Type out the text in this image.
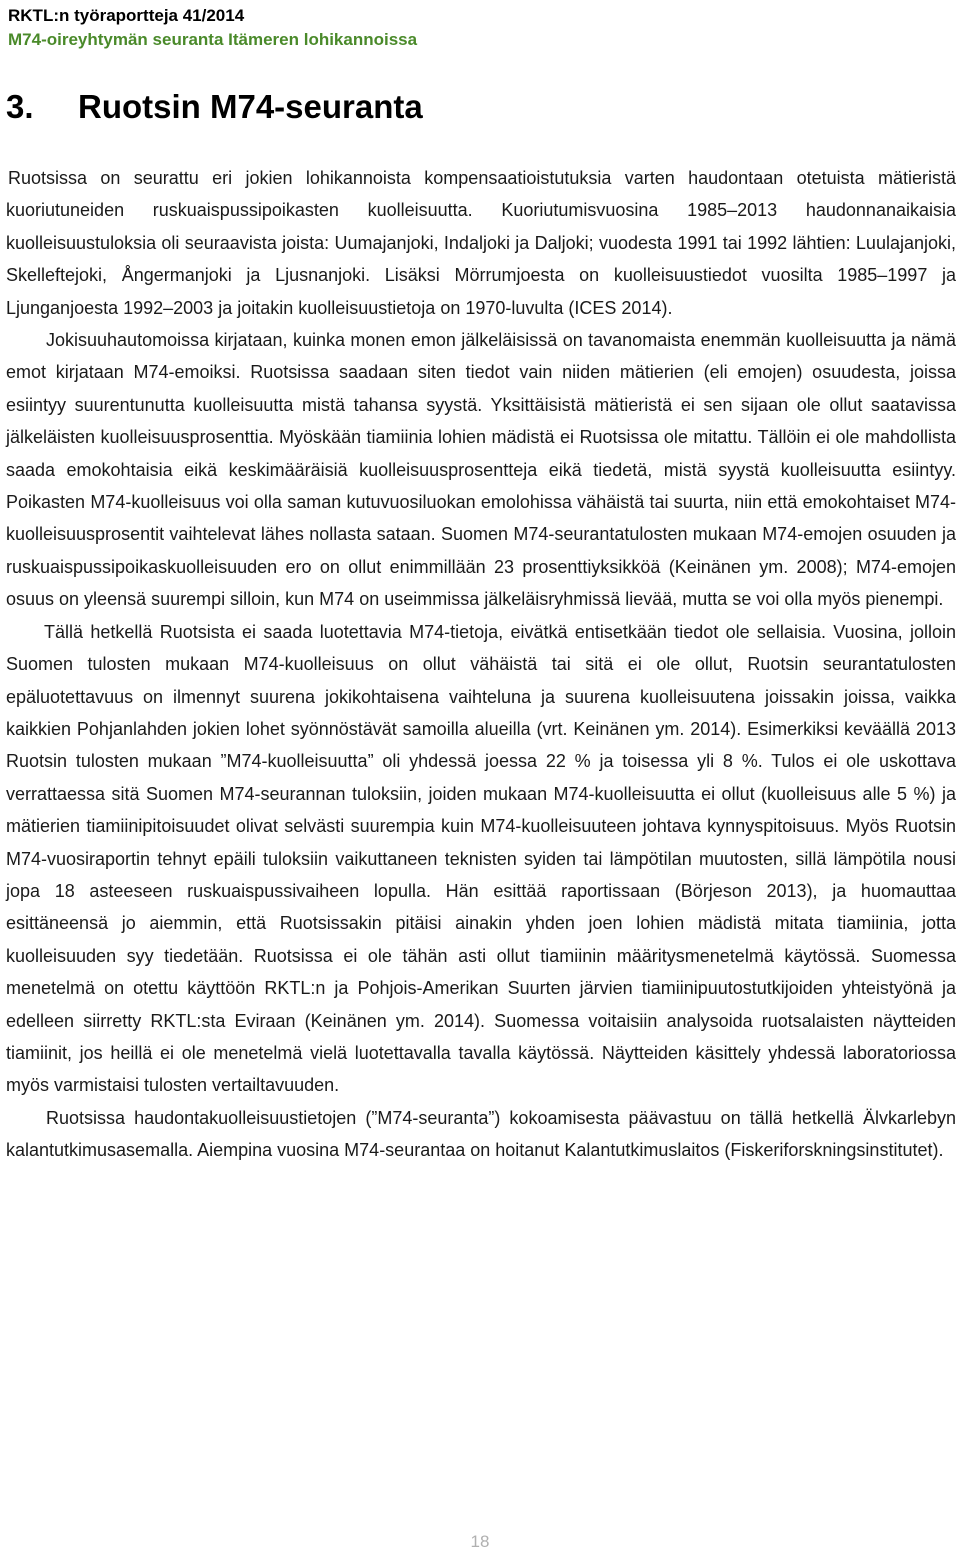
RKTL:n työraportteja 41/2014
M74-oireyhtymän seuranta Itämeren lohikannoissa
3. Ruotsin M74-seuranta

Ruotsissa on seurattu eri jokien lohikannoista kompensaatioistutuksia varten haudontaan otetuista mätieristä kuoriutuneiden ruskuaispussipoikasten kuolleisuutta. Kuoriutumisvuosina 1985–2013 haudonnanaikaisia kuolleisuustuloksia oli seuraavista joista: Uumajanjoki, Indaljoki ja Daljoki; vuodesta 1991 tai 1992 lähtien: Luulajanjoki, Skelleftejoki, Ångermanjoki ja Ljusnanjoki. Lisäksi Mörrumjoesta on kuolleisuustiedot vuosilta 1985–1997 ja Ljunganjoesta 1992–2003 ja joitakin kuolleisuustietoja on 1970-luvulta (ICES 2014).

Jokisuuhautomoissa kirjataan, kuinka monen emon jälkeläisissä on tavanomaista enemmän kuolleisuutta ja nämä emot kirjataan M74-emoiksi. Ruotsissa saadaan siten tiedot vain niiden mätierien (eli emojen) osuudesta, joissa esiintyy suurentunutta kuolleisuutta mistä tahansa syystä. Yksittäisistä mätieristä ei sen sijaan ole ollut saatavissa jälkeläisten kuolleisuusprosenttia. Myöskään tiamiinia lohien mädistä ei Ruotsissa ole mitattu. Tällöin ei ole mahdollista saada emokohtaisia eikä keskimääräisiä kuolleisuusprosentteja eikä tiedetä, mistä syystä kuolleisuutta esiintyy. Poikasten M74-kuolleisuus voi olla saman kutuvuosiluokan emolohissa vähäistä tai suurta, niin että emokohtaiset M74-kuolleisuusprosentit vaihtelevat lähes nollasta sataan. Suomen M74-seurantatulosten mukaan M74-emojen osuuden ja ruskuaispussipoikaskuolleisuuden ero on ollut enimmillään 23 prosenttiyksikköä (Keinänen ym. 2008); M74-emojen osuus on yleensä suurempi silloin, kun M74 on useimmissa jälkeläisryhmissä lievää, mutta se voi olla myös pienempi.

Tällä hetkellä Ruotsista ei saada luotettavia M74-tietoja, eivätkä entisetkään tiedot ole sellaisia. Vuosina, jolloin Suomen tulosten mukaan M74-kuolleisuus on ollut vähäistä tai sitä ei ole ollut, Ruotsin seurantatulosten epäluotettavuus on ilmennyt suurena jokikohtaisena vaihteluna ja suurena kuolleisuutena joissakin joissa, vaikka kaikkien Pohjanlahden jokien lohet syönnöstävät samoilla alueilla (vrt. Keinänen ym. 2014). Esimerkiksi keväällä 2013 Ruotsin tulosten mukaan ”M74-kuolleisuutta” oli yhdessä joessa 22 % ja toisessa yli 8 %. Tulos ei ole uskottava verrattaessa sitä Suomen M74-seurannan tuloksiin, joiden mukaan M74-kuolleisuutta ei ollut (kuolleisuus alle 5 %) ja mätierien tiamiinipitoisuudet olivat selvästi suurempia kuin M74-kuolleisuuteen johtava kynnyspitoisuus. Myös Ruotsin M74-vuosiraportin tehnyt epäili tuloksiin vaikuttaneen teknisten syiden tai lämpötilan muutosten, sillä lämpötila nousi jopa 18 asteeseen ruskuaispussivaiheen lopulla. Hän esittää raportissaan (Börjeson 2013), ja huomauttaa esittäneensä jo aiemmin, että Ruotsissakin pitäisi ainakin yhden joen lohien mädistä mitata tiamiinia, jotta kuolleisuuden syy tiedetään. Ruotsissa ei ole tähän asti ollut tiamiinin määritysmenetelmä käytössä. Suomessa menetelmä on otettu käyttöön RKTL:n ja Pohjois-Amerikan Suurten järvien tiamiinipuutostutkijoiden yhteistyönä ja edelleen siirretty RKTL:sta Eviraan (Keinänen ym. 2014). Suomessa voitaisiin analysoida ruotsalaisten näytteiden tiamiinit, jos heillä ei ole menetelmä vielä luotettavalla tavalla käytössä. Näytteiden käsittely yhdessä laboratoriossa myös varmistaisi tulosten vertailtavuuden.

Ruotsissa haudontakuolleisuustietojen (”M74-seuranta”) kokoamisesta päävastuu on tällä hetkellä Älvkarlebyn kalantutkimusasemalla. Aiempina vuosina M74-seurantaa on hoitanut Kalantutkimuslaitos (Fiskeriforskningsinstitutet).

18
